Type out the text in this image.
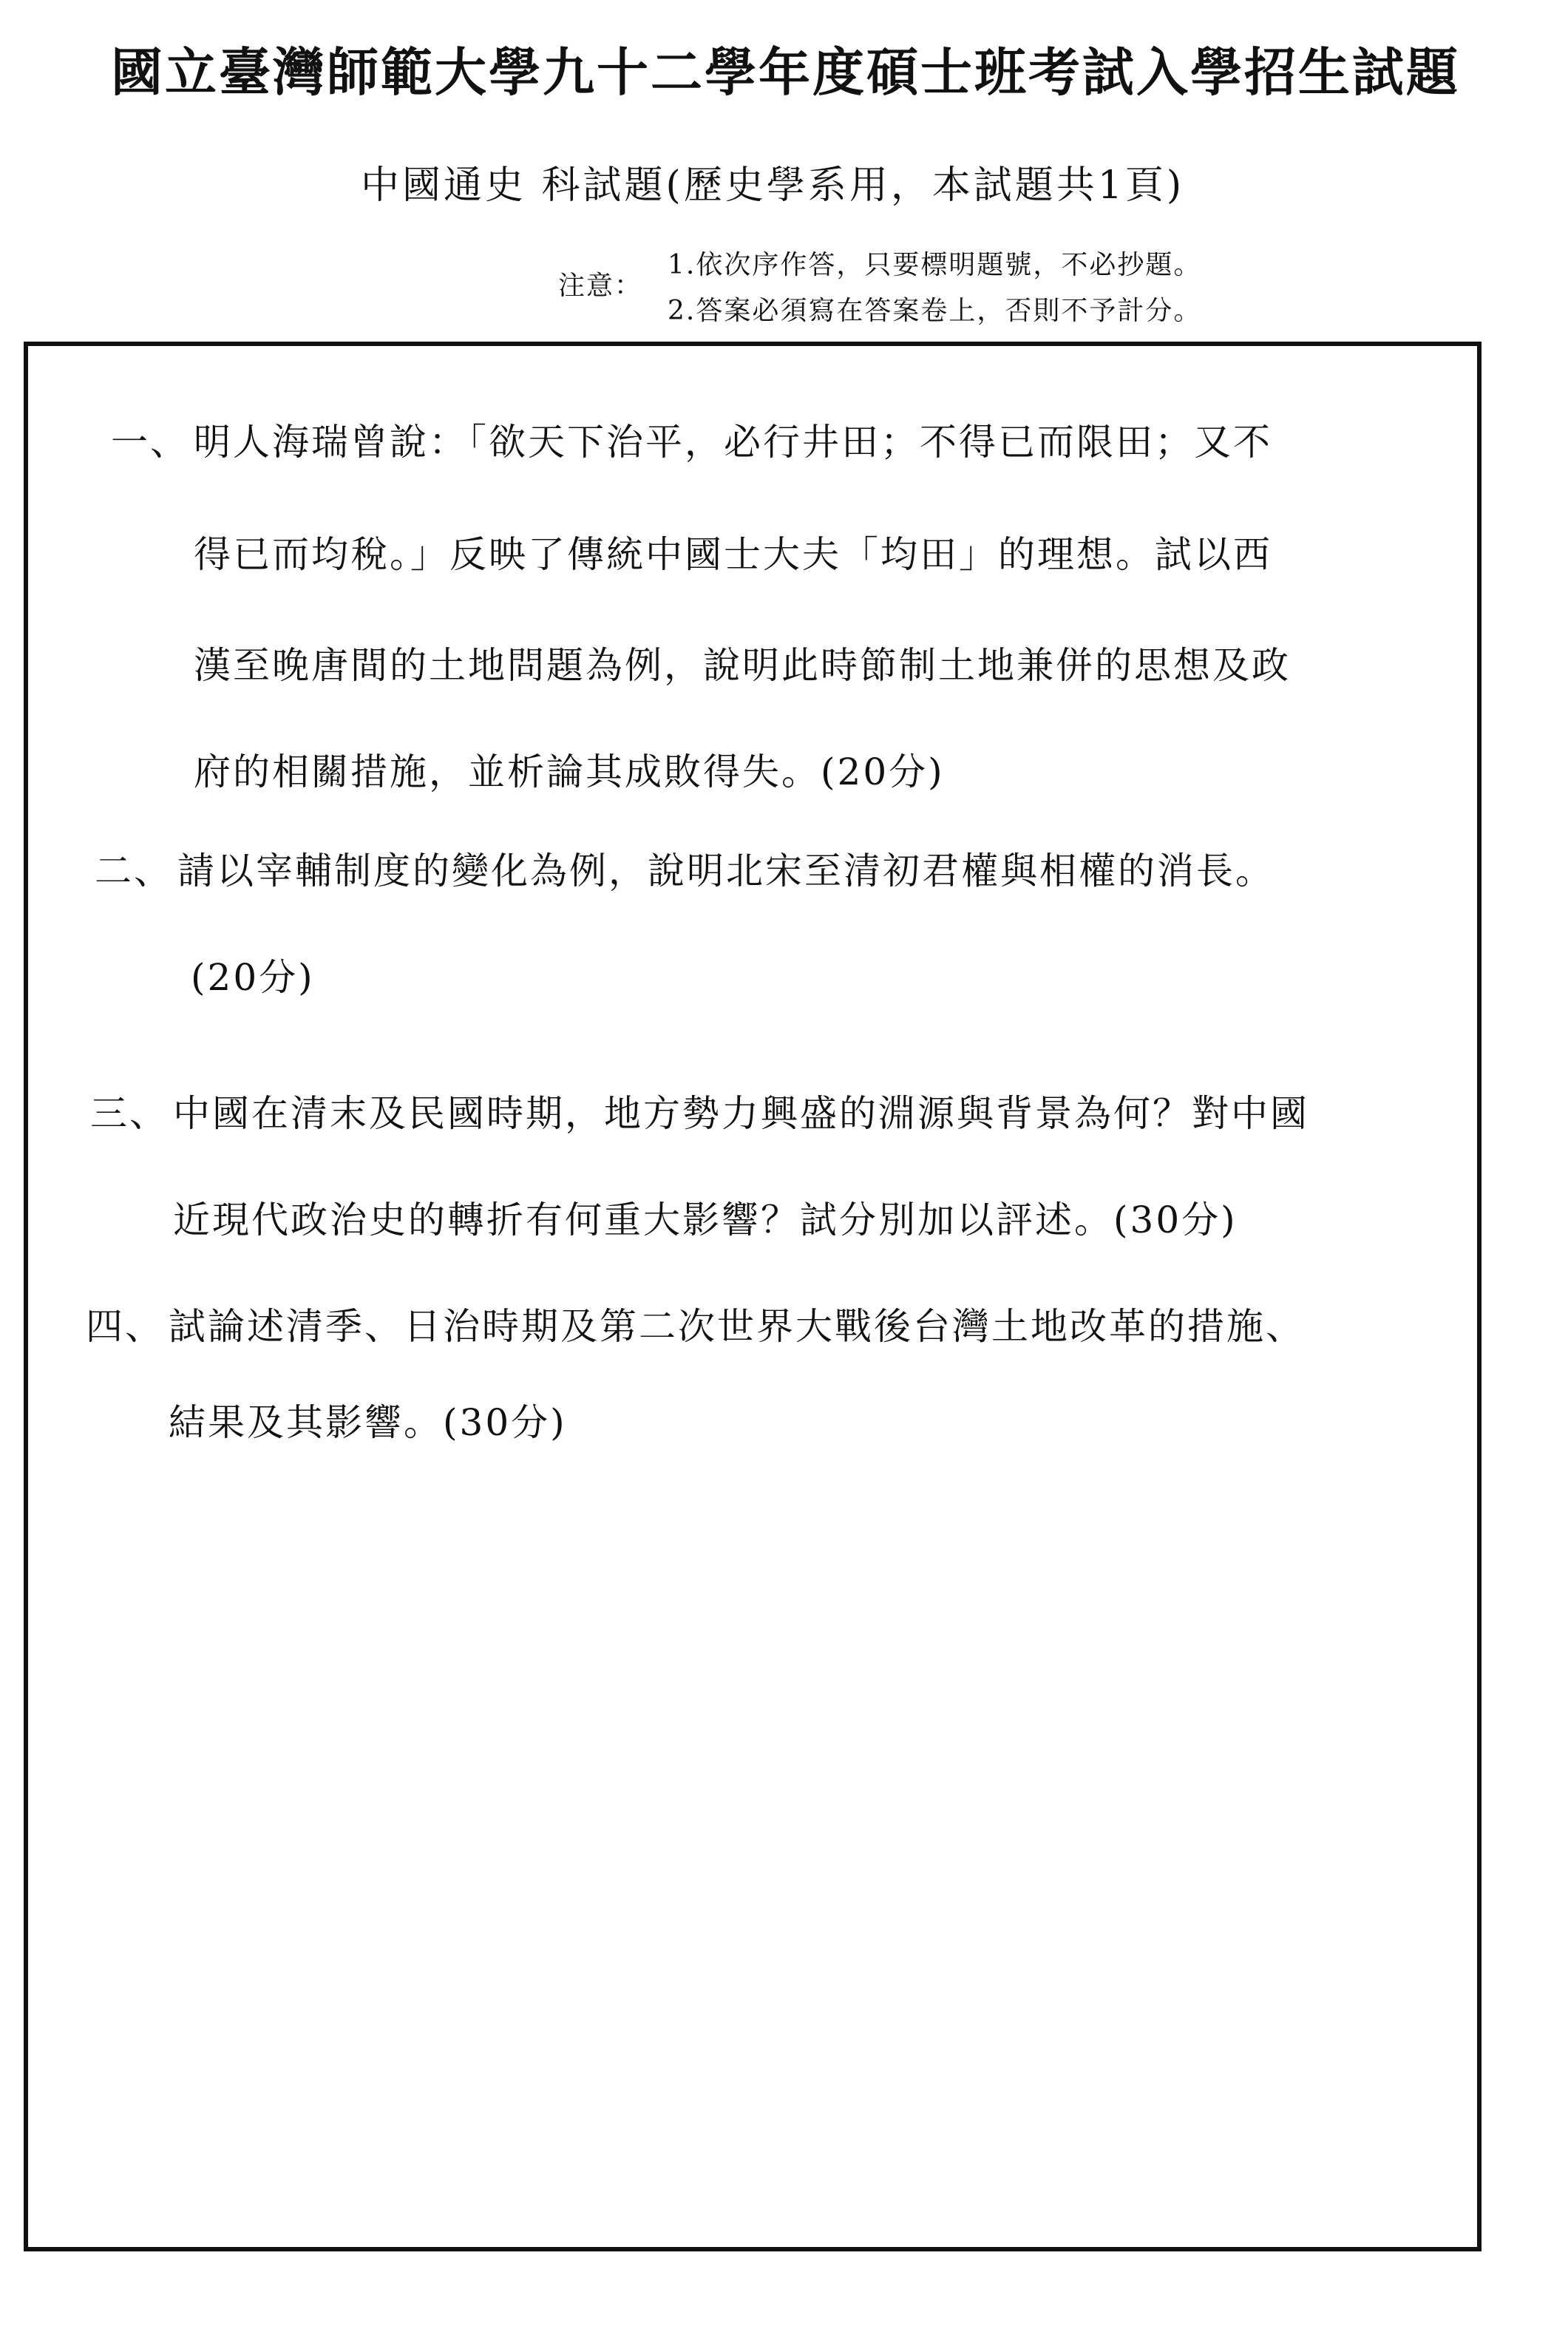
國立臺灣師範大學九十二學年度碩士班考試入學招生試題
中國通史 科試題(歷史學系用，本試題共1頁)
注意：
1.依次序作答，只要標明題號，不必抄題。
2.答案必須寫在答案卷上，否則不予計分。
一、 明人海瑞曾說：「欲天下治平，必行井田；不得已而限田；又不
得已而均稅。」反映了傳統中國士大夫「均田」的理想。試以西
漢至晚唐間的土地問題為例，說明此時節制土地兼併的思想及政
府的相關措施，並析論其成敗得失。(20分)
二、 請以宰輔制度的變化為例，說明北宋至清初君權與相權的消長。
(20分)
三、 中國在清末及民國時期，地方勢力興盛的淵源與背景為何？對中國
近現代政治史的轉折有何重大影響？試分別加以評述。(30分)
四、 試論述清季、日治時期及第二次世界大戰後台灣土地改革的措施、
結果及其影響。(30分)
